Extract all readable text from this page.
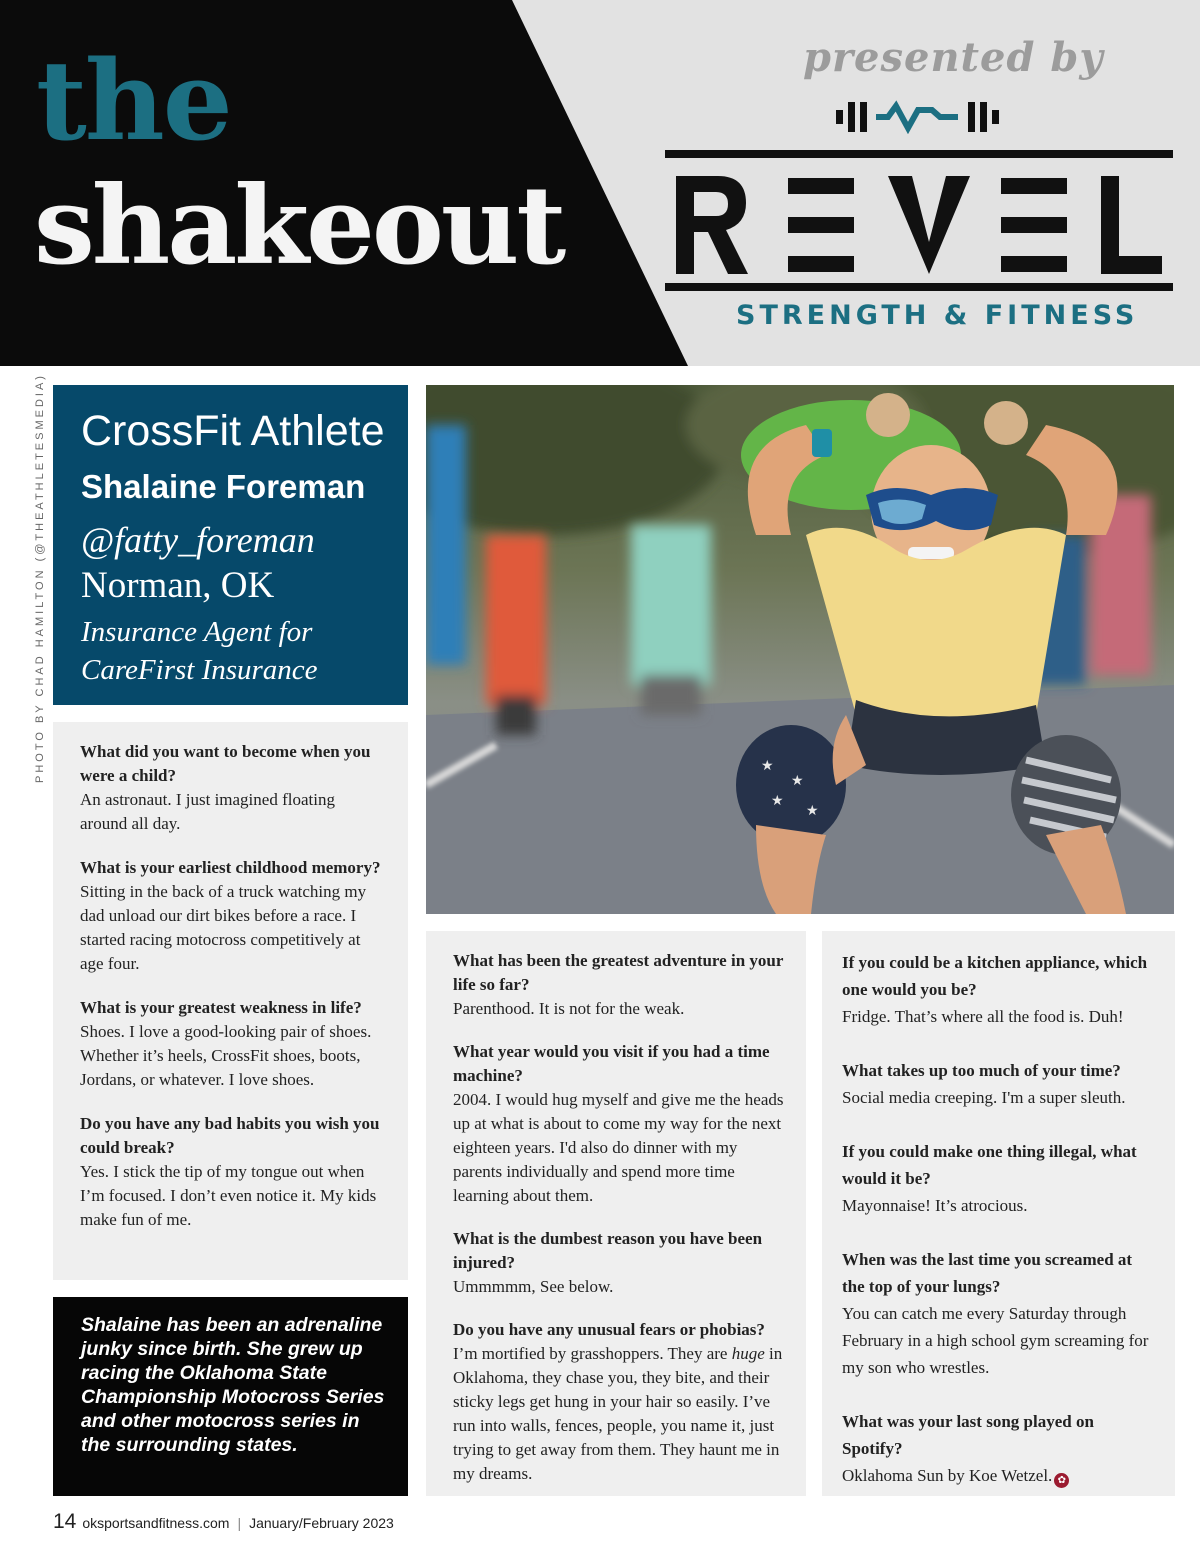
the
shakeout
presented by
STRENGTH & FITNESS
PHOTO BY CHAD HAMILTON (@THEATHLETESMEDIA) CrossFit Athlete
Shalaine Foreman
@fatty_foreman
Norman, OK
Insurance Agent for
CareFirst Insurance
What did you want to become when you were a child?
An astronaut. I just imagined floating around all day.
What is your earliest childhood memory?
Sitting in the back of a truck watching my dad unload our dirt bikes before a race. I started racing motocross competitively at age four.
What is your greatest weakness in life?
Shoes. I love a good-looking pair of shoes. Whether it’s heels, CrossFit shoes, boots, Jordans, or whatever. I love shoes.
Do you have any bad habits you wish you could break?
Yes. I stick the tip of my tongue out when I’m focused. I don’t even notice it. My kids make fun of me.
Shalaine has been an adrenaline junky since birth. She grew up racing the Oklahoma State Championship Motocross Series and other motocross series in the surrounding states.
★
★
★
★
What has been the greatest adventure in your life so far?
Parenthood. It is not for the weak.
What year would you visit if you had a time machine?
2004. I would hug myself and give me the heads up at what is about to come my way for the next eighteen years. I'd also do dinner with my parents individually and spend more time learning about them.
What is the dumbest reason you have been injured?
Ummmmm, See below.
Do you have any unusual fears or phobias?
I’m mortified by grasshoppers. They are huge in Oklahoma, they chase you, they bite, and their sticky legs get hung in your hair so easily. I’ve run into walls, fences, people, you name it, just trying to get away from them. They haunt me in my dreams.
If you could be a kitchen appliance, which one would you be?
Fridge. That’s where all the food is. Duh!
What takes up too much of your time?
Social media creeping. I'm a super sleuth.
If you could make one thing illegal, what would it be?
Mayonnaise! It’s atrocious.
When was the last time you screamed at the top of your lungs?
You can catch me every Saturday through February in a high school gym screaming for my son who wrestles.
What was your last song played on Spotify?
Oklahoma Sun by Koe Wetzel. ✿
14 oksportsandfitness.com | January/February 2023
